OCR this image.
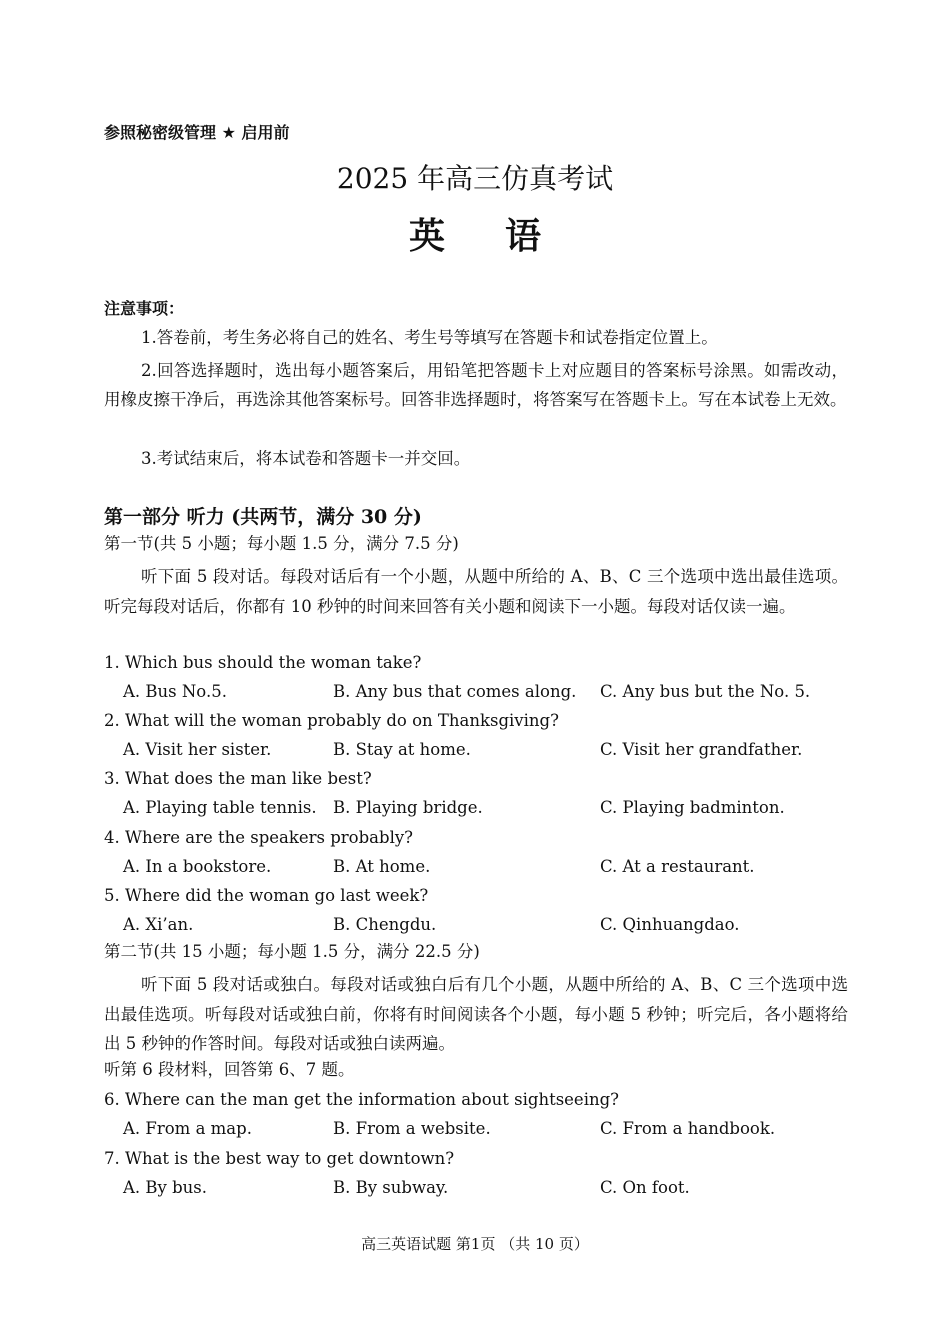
参照秘密级管理 ★ 启用前
2025 年高三仿真考试
英语
注意事项：
1.答卷前，考生务必将自己的姓名、考生号等填写在答题卡和试卷指定位置上。
2.回答选择题时，选出每小题答案后，用铅笔把答题卡上对应题目的答案标号涂黑。如需改动，用橡皮擦干净后，再选涂其他答案标号。回答非选择题时，将答案写在答题卡上。写在本试卷上无效。
3.考试结束后，将本试卷和答题卡一并交回。
第一部分 听力 (共两节，满分 30 分)
第一节(共 5 小题；每小题 1.5 分，满分 7.5 分)
听下面 5 段对话。每段对话后有一个小题，从题中所给的 A、B、C 三个选项中选出最佳选项。听完每段对话后，你都有 10 秒钟的时间来回答有关小题和阅读下一小题。每段对话仅读一遍。
1. Which bus should the woman take?
A. Bus No.5.	B. Any bus that comes along. C. Any bus but the No. 5.
2. What will the woman probably do on Thanksgiving?
A. Visit her sister.	B. Stay at home.	C. Visit her grandfather.
3. What does the man like best?
A. Playing table tennis. B. Playing bridge.	C. Playing badminton.
4. Where are the speakers probably?
A. In a bookstore.	B. At home.	C. At a restaurant.
5. Where did the woman go last week?
A. Xi’an.	B. Chengdu.	C. Qinhuangdao.
第二节(共 15 小题；每小题 1.5 分，满分 22.5 分)
听下面 5 段对话或独白。每段对话或独白后有几个小题，从题中所给的 A、B、C 三个选项中选出最佳选项。听每段对话或独白前，你将有时间阅读各个小题，每小题 5 秒钟；听完后，各小题将给出 5 秒钟的作答时间。每段对话或独白读两遍。
听第 6 段材料，回答第 6、7 题。
6. Where can the man get the information about sightseeing?
A. From a map.	B. From a website.	C. From a handbook.
7. What is the best way to get downtown?
A. By bus.	B. By subway.	C. On foot.
高三英语试题 第1页 （共 10 页）
